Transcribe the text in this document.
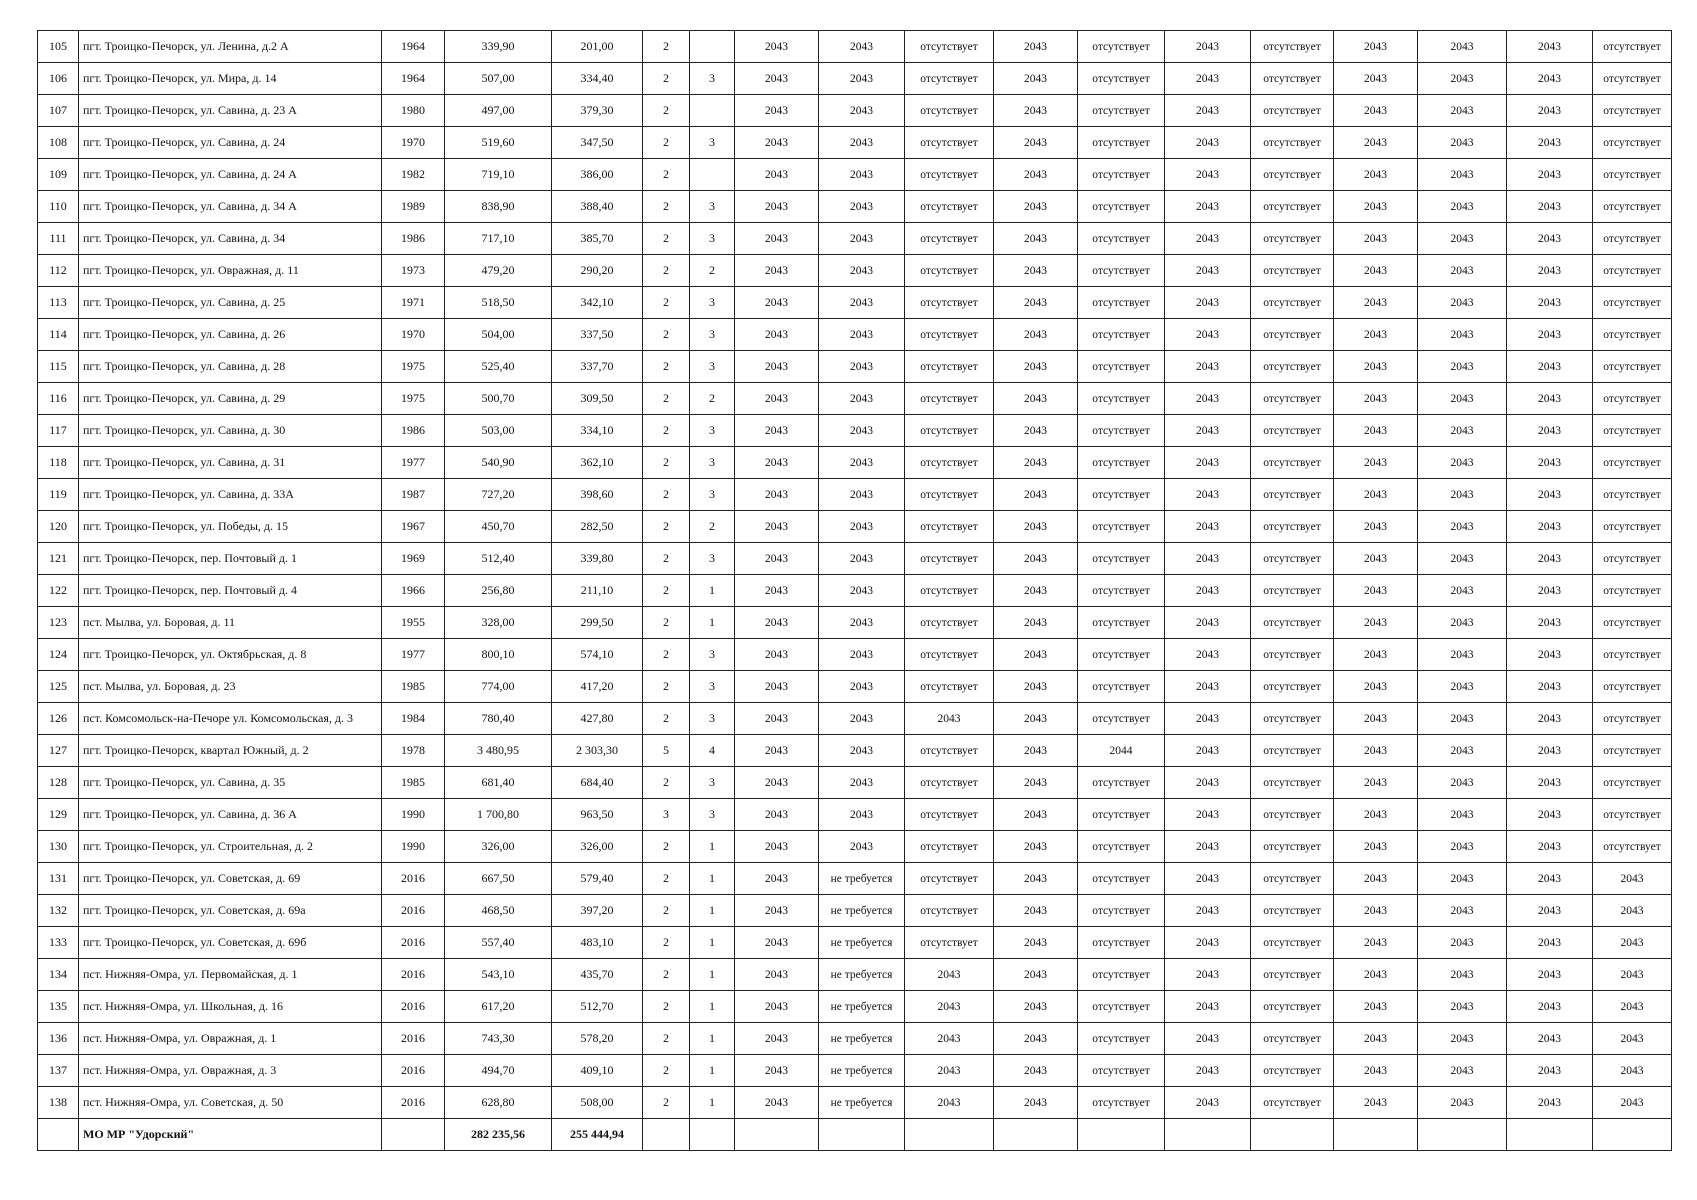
105	пгт. Троицко-Печорск, ул. Ленина, д.2 А	1964	339,90	201,00	2		2043	2043	отсутствует	2043	отсутствует	2043	отсутствует	2043	2043	2043	отсутствует
106	пгт. Троицко-Печорск, ул. Мира, д. 14	1964	507,00	334,40	2	3	2043	2043	отсутствует	2043	отсутствует	2043	отсутствует	2043	2043	2043	отсутствует
107	пгт. Троицко-Печорск, ул. Савина, д. 23 А	1980	497,00	379,30	2		2043	2043	отсутствует	2043	отсутствует	2043	отсутствует	2043	2043	2043	отсутствует
108	пгт. Троицко-Печорск, ул. Савина, д. 24	1970	519,60	347,50	2	3	2043	2043	отсутствует	2043	отсутствует	2043	отсутствует	2043	2043	2043	отсутствует
109	пгт. Троицко-Печорск, ул. Савина, д. 24 А	1982	719,10	386,00	2		2043	2043	отсутствует	2043	отсутствует	2043	отсутствует	2043	2043	2043	отсутствует
110	пгт. Троицко-Печорск, ул. Савина, д. 34 А	1989	838,90	388,40	2	3	2043	2043	отсутствует	2043	отсутствует	2043	отсутствует	2043	2043	2043	отсутствует
111	пгт. Троицко-Печорск, ул. Савина, д. 34	1986	717,10	385,70	2	3	2043	2043	отсутствует	2043	отсутствует	2043	отсутствует	2043	2043	2043	отсутствует
112	пгт. Троицко-Печорск, ул. Овражная, д. 11	1973	479,20	290,20	2	2	2043	2043	отсутствует	2043	отсутствует	2043	отсутствует	2043	2043	2043	отсутствует
113	пгт. Троицко-Печорск, ул. Савина, д. 25	1971	518,50	342,10	2	3	2043	2043	отсутствует	2043	отсутствует	2043	отсутствует	2043	2043	2043	отсутствует
114	пгт. Троицко-Печорск, ул. Савина, д. 26	1970	504,00	337,50	2	3	2043	2043	отсутствует	2043	отсутствует	2043	отсутствует	2043	2043	2043	отсутствует
115	пгт. Троицко-Печорск, ул. Савина, д. 28	1975	525,40	337,70	2	3	2043	2043	отсутствует	2043	отсутствует	2043	отсутствует	2043	2043	2043	отсутствует
116	пгт. Троицко-Печорск, ул. Савина, д. 29	1975	500,70	309,50	2	2	2043	2043	отсутствует	2043	отсутствует	2043	отсутствует	2043	2043	2043	отсутствует
117	пгт. Троицко-Печорск, ул. Савина, д. 30	1986	503,00	334,10	2	3	2043	2043	отсутствует	2043	отсутствует	2043	отсутствует	2043	2043	2043	отсутствует
118	пгт. Троицко-Печорск, ул. Савина, д. 31	1977	540,90	362,10	2	3	2043	2043	отсутствует	2043	отсутствует	2043	отсутствует	2043	2043	2043	отсутствует
119	пгт. Троицко-Печорск, ул. Савина, д. 33А	1987	727,20	398,60	2	3	2043	2043	отсутствует	2043	отсутствует	2043	отсутствует	2043	2043	2043	отсутствует
120	пгт. Троицко-Печорск, ул. Победы, д. 15	1967	450,70	282,50	2	2	2043	2043	отсутствует	2043	отсутствует	2043	отсутствует	2043	2043	2043	отсутствует
121	пгт. Троицко-Печорск, пер. Почтовый д. 1	1969	512,40	339,80	2	3	2043	2043	отсутствует	2043	отсутствует	2043	отсутствует	2043	2043	2043	отсутствует
122	пгт. Троицко-Печорск, пер. Почтовый д. 4	1966	256,80	211,10	2	1	2043	2043	отсутствует	2043	отсутствует	2043	отсутствует	2043	2043	2043	отсутствует
123	пст. Мылва, ул. Боровая, д. 11	1955	328,00	299,50	2	1	2043	2043	отсутствует	2043	отсутствует	2043	отсутствует	2043	2043	2043	отсутствует
124	пгт. Троицко-Печорск, ул. Октябрьская, д. 8	1977	800,10	574,10	2	3	2043	2043	отсутствует	2043	отсутствует	2043	отсутствует	2043	2043	2043	отсутствует
125	пст. Мылва, ул. Боровая, д. 23	1985	774,00	417,20	2	3	2043	2043	отсутствует	2043	отсутствует	2043	отсутствует	2043	2043	2043	отсутствует
126	пст. Комсомольск-на-Печоре ул. Комсомольская, д. 3	1984	780,40	427,80	2	3	2043	2043	2043	2043	отсутствует	2043	отсутствует	2043	2043	2043	отсутствует
127	пгт. Троицко-Печорск, квартал Южный, д. 2	1978	3 480,95	2 303,30	5	4	2043	2043	отсутствует	2043	2044	2043	отсутствует	2043	2043	2043	отсутствует
128	пгт. Троицко-Печорск, ул. Савина, д. 35	1985	681,40	684,40	2	3	2043	2043	отсутствует	2043	отсутствует	2043	отсутствует	2043	2043	2043	отсутствует
129	пгт. Троицко-Печорск, ул. Савина, д. 36 А	1990	1 700,80	963,50	3	3	2043	2043	отсутствует	2043	отсутствует	2043	отсутствует	2043	2043	2043	отсутствует
130	пгт. Троицко-Печорск, ул. Строительная, д. 2	1990	326,00	326,00	2	1	2043	2043	отсутствует	2043	отсутствует	2043	отсутствует	2043	2043	2043	отсутствует
131	пгт. Троицко-Печорск, ул. Советская, д. 69	2016	667,50	579,40	2	1	2043	не требуется	отсутствует	2043	отсутствует	2043	отсутствует	2043	2043	2043	2043
132	пгт. Троицко-Печорск, ул. Советская, д. 69а	2016	468,50	397,20	2	1	2043	не требуется	отсутствует	2043	отсутствует	2043	отсутствует	2043	2043	2043	2043
133	пгт. Троицко-Печорск, ул. Советская, д. 69б	2016	557,40	483,10	2	1	2043	не требуется	отсутствует	2043	отсутствует	2043	отсутствует	2043	2043	2043	2043
134	пст. Нижняя-Омра, ул. Первомайская, д. 1	2016	543,10	435,70	2	1	2043	не требуется	2043	2043	отсутствует	2043	отсутствует	2043	2043	2043	2043
135	пст. Нижняя-Омра, ул. Школьная, д. 16	2016	617,20	512,70	2	1	2043	не требуется	2043	2043	отсутствует	2043	отсутствует	2043	2043	2043	2043
136	пст. Нижняя-Омра, ул. Овражная, д. 1	2016	743,30	578,20	2	1	2043	не требуется	2043	2043	отсутствует	2043	отсутствует	2043	2043	2043	2043
137	пст. Нижняя-Омра, ул. Овражная, д. 3	2016	494,70	409,10	2	1	2043	не требуется	2043	2043	отсутствует	2043	отсутствует	2043	2043	2043	2043
138	пст. Нижняя-Омра, ул. Советская, д. 50	2016	628,80	508,00	2	1	2043	не требуется	2043	2043	отсутствует	2043	отсутствует	2043	2043	2043	2043
	МО МР "Удорский"		282 235,56	255 444,94													
